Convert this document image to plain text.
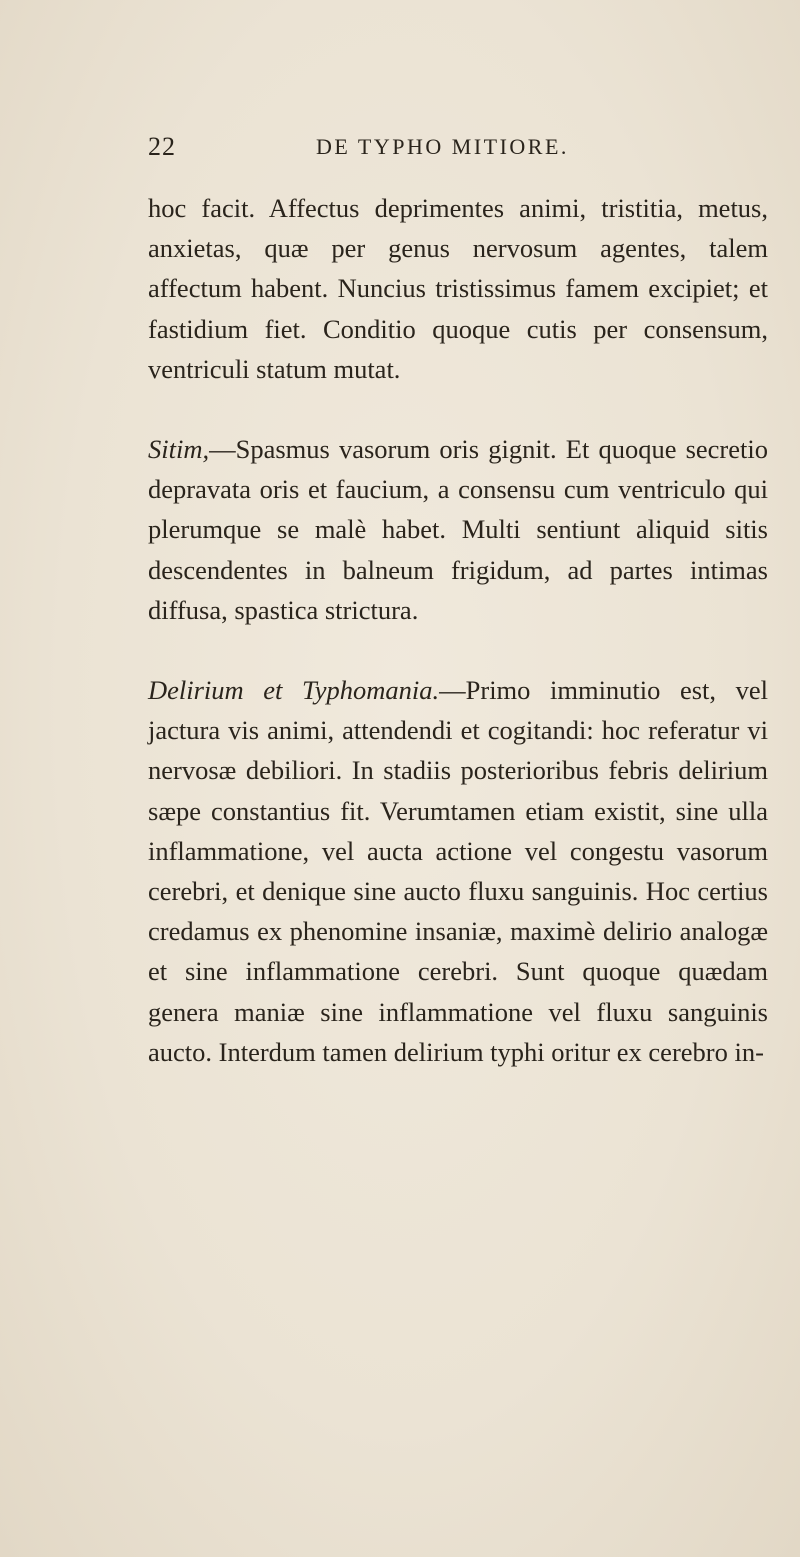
22	DE TYPHO MITIORE.

hoc facit. Affectus deprimentes animi, tristitia, metus, anxietas, quæ per genus nervosum agentes, talem affectum habent. Nuncius tristissimus famem excipiet; et fastidium fiet. Conditio quoque cutis per consensum, ventriculi statum mutat.

Sitim,—Spasmus vasorum oris gignit. Et quoque secretio depravata oris et faucium, a consensu cum ventriculo qui plerumque se malè habet. Multi sentiunt aliquid sitis descendentes in balneum frigidum, ad partes intimas diffusa, spastica strictura.

Delirium et Typhomania.—Primo imminutio est, vel jactura vis animi, attendendi et cogitandi: hoc referatur vi nervosæ debiliori. In stadiis posterioribus febris delirium sæpe constantius fit. Verumtamen etiam existit, sine ulla inflammatione, vel aucta actione vel congestu vasorum cerebri, et denique sine aucto fluxu sanguinis. Hoc certius credamus ex phenomine insaniæ, maximè delirio analogæ et sine inflammatione cerebri. Sunt quoque quædam genera maniæ sine inflammatione vel fluxu sanguinis aucto. Interdum tamen delirium typhi oritur ex cerebro in-
